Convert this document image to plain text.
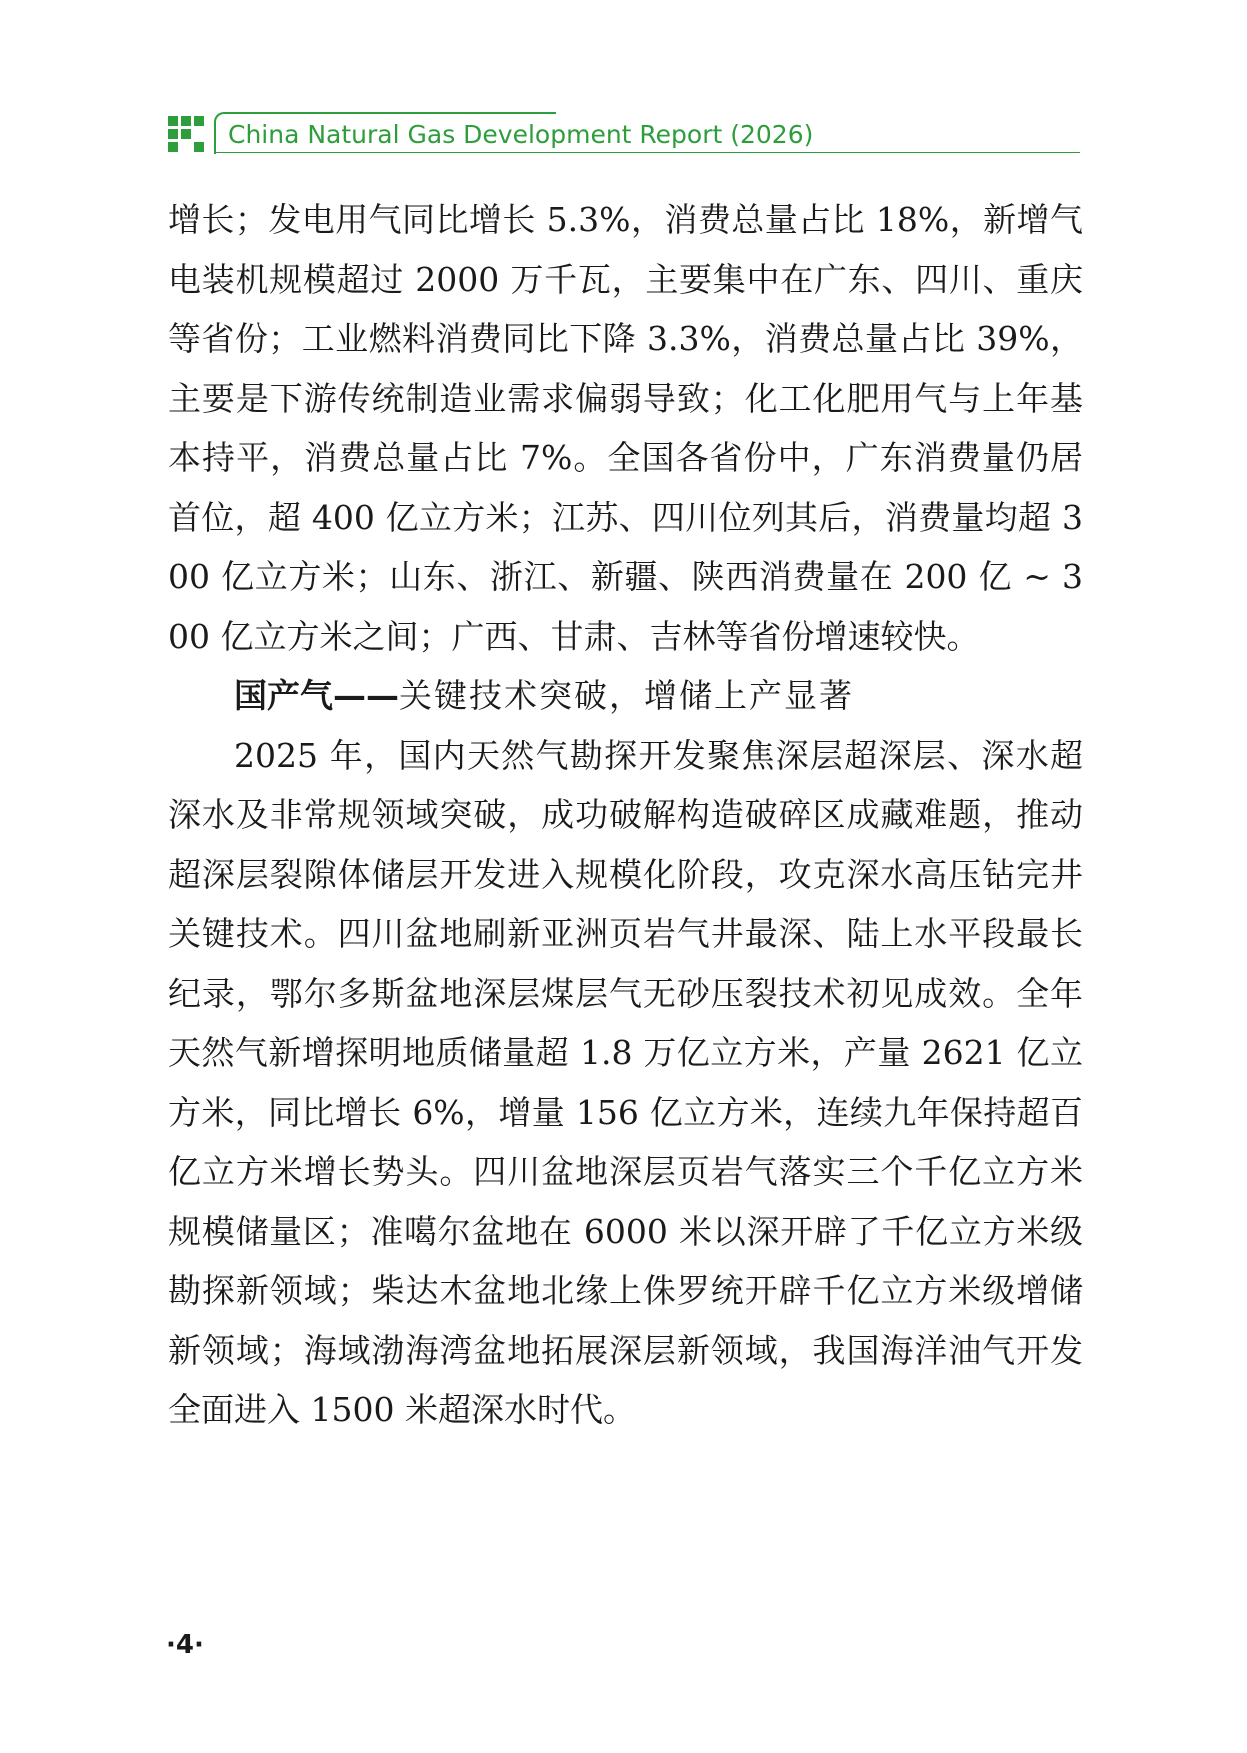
China Natural Gas Development Report (2026)

增长；发电用气同比增长 5.3%，消费总量占比 18%，新增气电装机规模超过 2000 万千瓦，主要集中在广东、四川、重庆等省份；工业燃料消费同比下降 3.3%，消费总量占比 39%，主要是下游传统制造业需求偏弱导致；化工化肥用气与上年基本持平，消费总量占比 7%。全国各省份中，广东消费量仍居首位，超 400 亿立方米；江苏、四川位列其后，消费量均超 300 亿立方米；山东、浙江、新疆、陕西消费量在 200 亿 ~ 300 亿立方米之间；广西、甘肃、吉林等省份增速较快。

国产气——关键技术突破，增储上产显著

2025 年，国内天然气勘探开发聚焦深层超深层、深水超深水及非常规领域突破，成功破解构造破碎区成藏难题，推动超深层裂隙体储层开发进入规模化阶段，攻克深水高压钻完井关键技术。四川盆地刷新亚洲页岩气井最深、陆上水平段最长纪录，鄂尔多斯盆地深层煤层气无砂压裂技术初见成效。全年天然气新增探明地质储量超 1.8 万亿立方米，产量 2621 亿立方米，同比增长 6%，增量 156 亿立方米，连续九年保持超百亿立方米增长势头。四川盆地深层页岩气落实三个千亿立方米规模储量区；准噶尔盆地在 6000 米以深开辟了千亿立方米级勘探新领域；柴达木盆地北缘上侏罗统开辟千亿立方米级增储新领域；海域渤海湾盆地拓展深层新领域，我国海洋油气开发全面进入 1500 米超深水时代。

·4·
